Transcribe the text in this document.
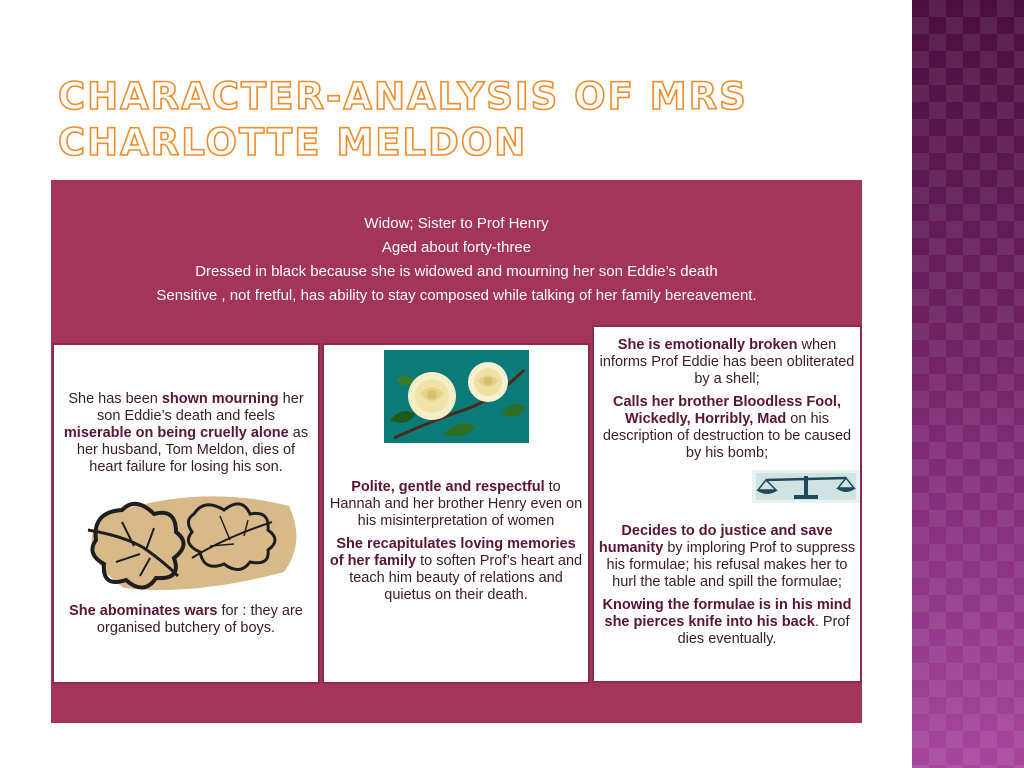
CHARACTER-ANALYSIS OF MRS
CHARLOTTE MELDON
Widow; Sister to Prof Henry
Aged about forty-three
Dressed in black because she is widowed and mourning her son Eddie’s death
Sensitive , not fretful, has ability to stay composed while talking of her family bereavement.

She has been shown mourning her son Eddie’s death and feels miserable on being cruelly alone as her husband, Tom Meldon, dies of heart failure for losing his son.

She abominates wars for : they are organised butchery of boys.

Polite, gentle and respectful to Hannah and her brother Henry even on his misinterpretation of women

She recapitulates loving memories of her family to soften Prof’s heart and teach him beauty of relations and quietus on their death.

She is emotionally broken when informs Prof Eddie has been obliterated by a shell;

Calls her brother Bloodless Fool, Wickedly, Horribly, Mad on his description of destruction to be caused by his bomb;

Decides to do justice and save humanity by imploring Prof to suppress his formulae; his refusal makes her to hurl the table and spill the formulae;

Knowing the formulae is in his mind she pierces knife into his back. Prof dies eventually.
